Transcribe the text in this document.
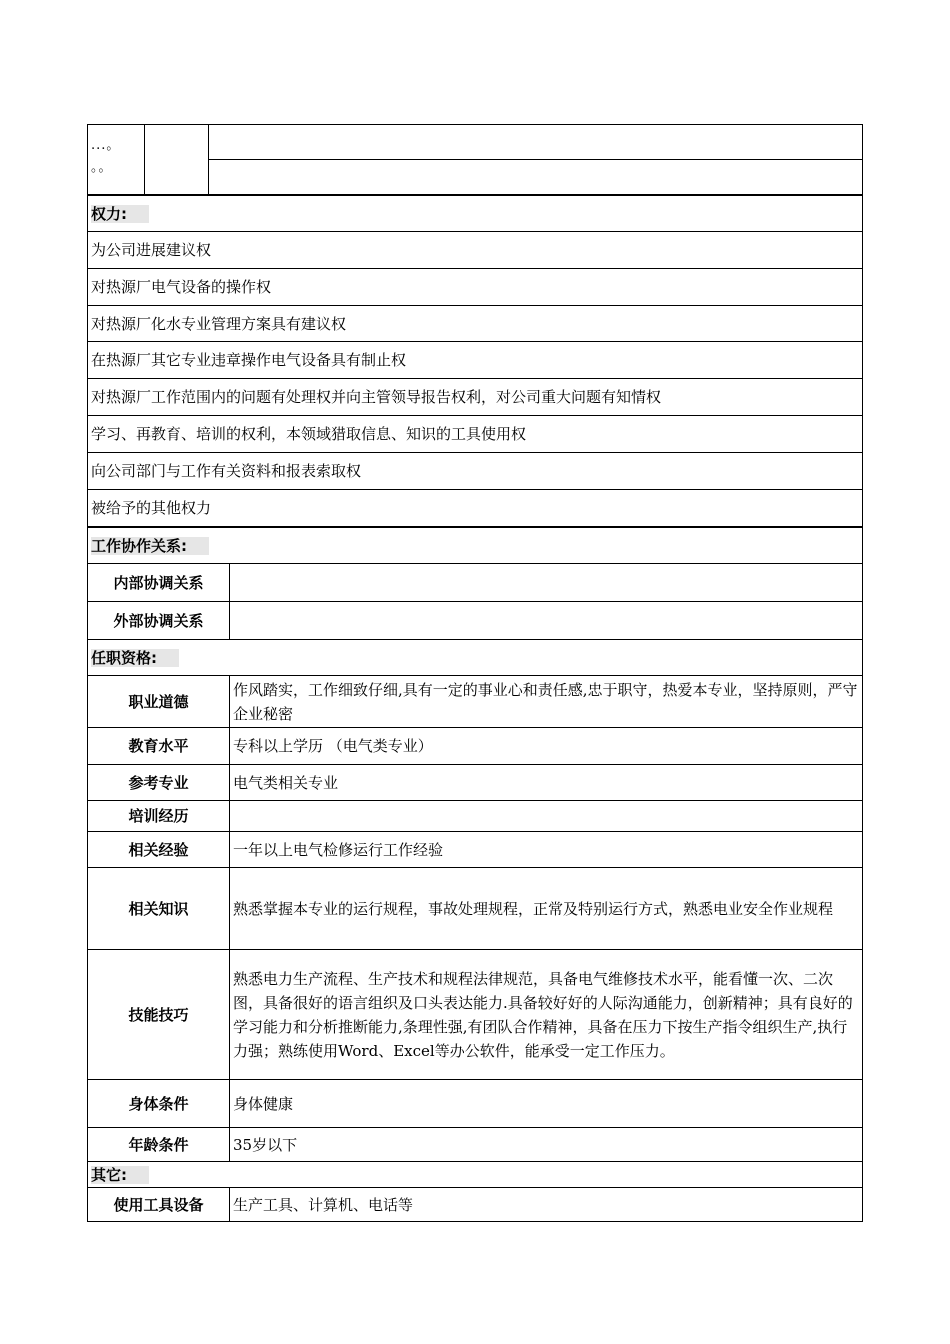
...。
。。

权力:
为公司进展建议权
对热源厂电气设备的操作权
对热源厂化水专业管理方案具有建议权
在热源厂其它专业违章操作电气设备具有制止权
对热源厂工作范围内的问题有处理权并向主管领导报告权利，对公司重大问题有知情权
学习、再教育、培训的权利，本领域猎取信息、知识的工具使用权
向公司部门与工作有关资料和报表索取权
被给予的其他权力
工作协作关系:	
内部协调关系	
外部协调关系	
任职资格:	
职业道德	作风踏实，工作细致仔细,具有一定的事业心和责任感,忠于职守，热爱本专业，坚持原则，严守企业秘密
教育水平	专科以上学历 （电气类专业）
参考专业	电气类相关专业
培训经历	
相关经验	一年以上电气检修运行工作经验
相关知识	熟悉掌握本专业的运行规程，事故处理规程，正常及特别运行方式，熟悉电业安全作业规程
技能技巧	熟悉电力生产流程、生产技术和规程法律规范，具备电气维修技术水平，能看懂一次、二次图，具备很好的语言组织及口头表达能力.具备较好好的人际沟通能力，创新精神；具有良好的学习能力和分析推断能力,条理性强,有团队合作精神，具备在压力下按生产指令组织生产,执行力强；熟练使用Word、Excel等办公软件，能承受一定工作压力。
身体条件	身体健康
年龄条件	35岁以下
其它:	
使用工具设备	生产工具、计算机、电话等
